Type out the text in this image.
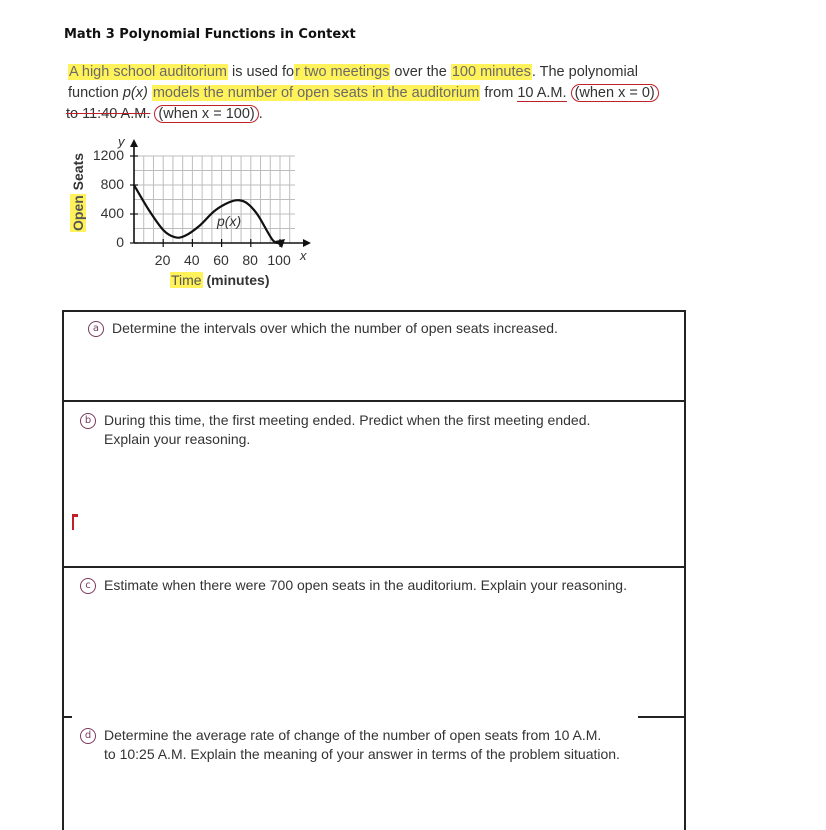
Math 3 Polynomial Functions in Context
A high school auditorium is used for two meetings over the 100 minutes. The polynomial
function p(x) models the number of open seats in the auditorium from 10 A.M. (when x = 0)
to 11:40 A.M. (when x = 100) .
p(x)
0
400
800
1200
20 40 60 80 100
y
x
Open Seats
Time (minutes)
a Determine the intervals over which the number of open seats increased.
b During this time, the first meeting ended. Predict when the first meeting ended.
Explain your reasoning.
c Estimate when there were 700 open seats in the auditorium. Explain your reasoning.
d Determine the average rate of change of the number of open seats from 10 A.M.
to 10:25 A.M. Explain the meaning of your answer in terms of the problem situation.
